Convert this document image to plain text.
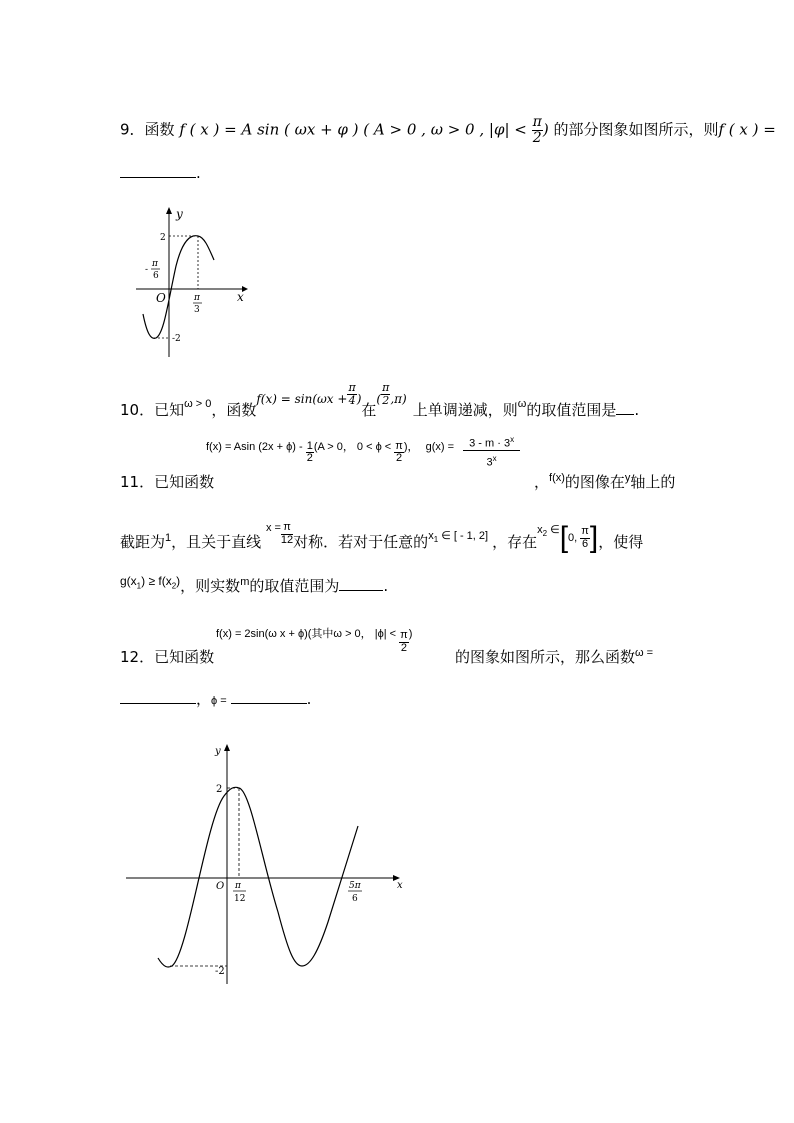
9．函数 f ( x ) = A sin ( ωx + φ ) ( A > 0 , ω > 0 , $|\varphi| < \frac{\pi}{2}$ ) 的部分图象如图所示，则f ( x ) =
.
y
x
O
2
-2
-
π
6
π
3
10．已知$_{\omega > 0}$，函数$_{f(x) = sin(\omega x +} \frac{\pi}{4} _)$在$_( \frac{\pi}{2} _{,\pi)}$上单调递减，则$_\omega$的取值范围是 .
f(x) = Asin $(2x + \phi) - \frac{1}{2} (A > 0$， $0 < \phi < \frac{\pi}{2}$ )， $g(x) = \frac{3 - m \cdot 3^x}{3^x}$
11．已知函数	，$^{f(x)}$的图像在$^y$轴上的
截距为$^1$，且关于直线 $^{x =} \frac{\pi}{12}$ 对称．若对于任意的$^{x_1 \in [ - 1, 2]}$ ，存在$^{x_2 \in[0, \frac{\pi}{6} ]}$，使得
$^{g(x_1) \ge f(x_2)}$，则实数$^m$的取值范围为	.
f(x) = 2sin(ω x + ϕ)(其中ω > 0， $|\phi| < \frac{\pi}{2}$ )
12．已知函数	的图象如图所示，那么函数$^{\omega =}$
，ϕ =	.
y
x
O
2
-2
π
12
5π
6
